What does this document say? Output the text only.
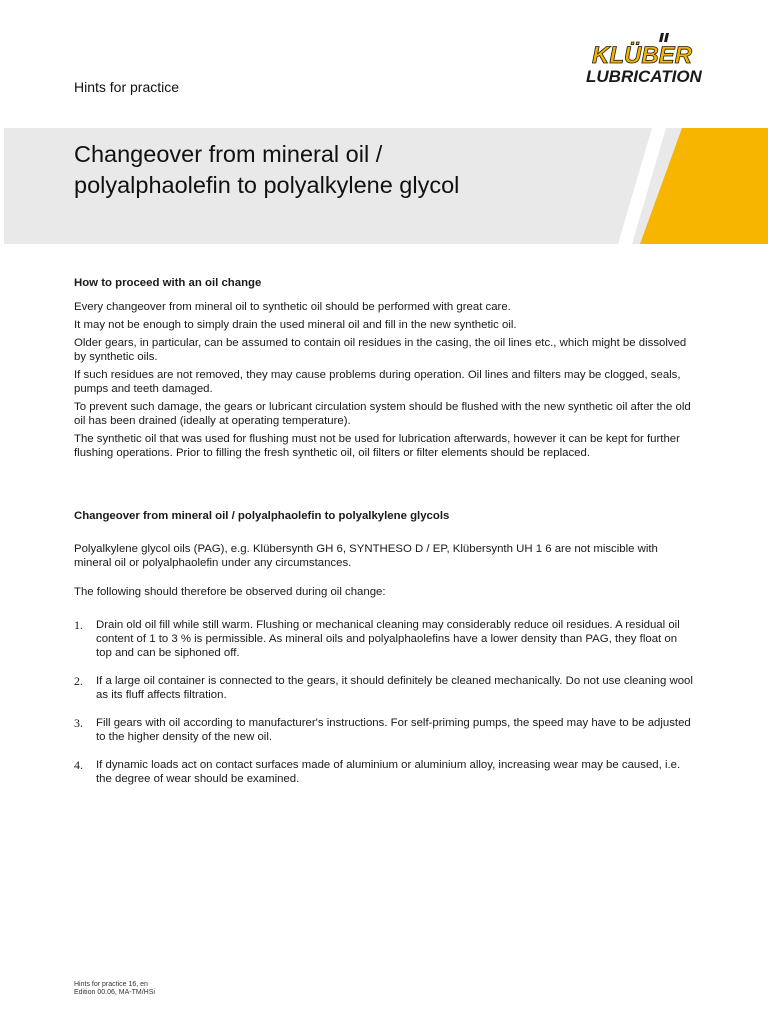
Hints for practice
KLÜBER
LUBRICATION
Changeover from mineral oil /
polyalphaolefin to polyalkylene glycol
How to proceed with an oil change

Every changeover from mineral oil to synthetic oil should be performed with great care.

It may not be enough to simply drain the used mineral oil and fill in the new synthetic oil.

Older gears, in particular, can be assumed to contain oil residues in the casing, the oil lines etc., which might be dissolved by synthetic oils.

If such residues are not removed, they may cause problems during operation. Oil lines and filters may be clogged, seals, pumps and teeth damaged.

To prevent such damage, the gears or lubricant circulation system should be flushed with the new synthetic oil after the old oil has been drained (ideally at operating temperature).

The synthetic oil that was used for flushing must not be used for lubrication afterwards, however it can be kept for further flushing operations. Prior to filling the fresh synthetic oil, oil filters or filter elements should be replaced.

Changeover from mineral oil / polyalphaolefin to polyalkylene glycols

Polyalkylene glycol oils (PAG), e.g. Klübersynth GH 6, SYNTHESO D / EP, Klübersynth UH 1 6 are not miscible with mineral oil or polyalphaolefin under any circumstances.

The following should therefore be observed during oil change:

1. Drain old oil fill while still warm. Flushing or mechanical cleaning may considerably reduce oil residues. A residual oil content of 1 to 3 % is permissible. As mineral oils and polyalphaolefins have a lower density than PAG, they float on top and can be siphoned off.
2. If a large oil container is connected to the gears, it should definitely be cleaned mechanically. Do not use cleaning wool as its fluff affects filtration.
3. Fill gears with oil according to manufacturer's instructions. For self-priming pumps, the speed may have to be adjusted to the higher density of the new oil.
4. If dynamic loads act on contact surfaces made of aluminium or aluminium alloy, increasing wear may be caused, i.e. the degree of wear should be examined.
Hints for practice 16, en
Edition 00.06, MA-TM/HSi
